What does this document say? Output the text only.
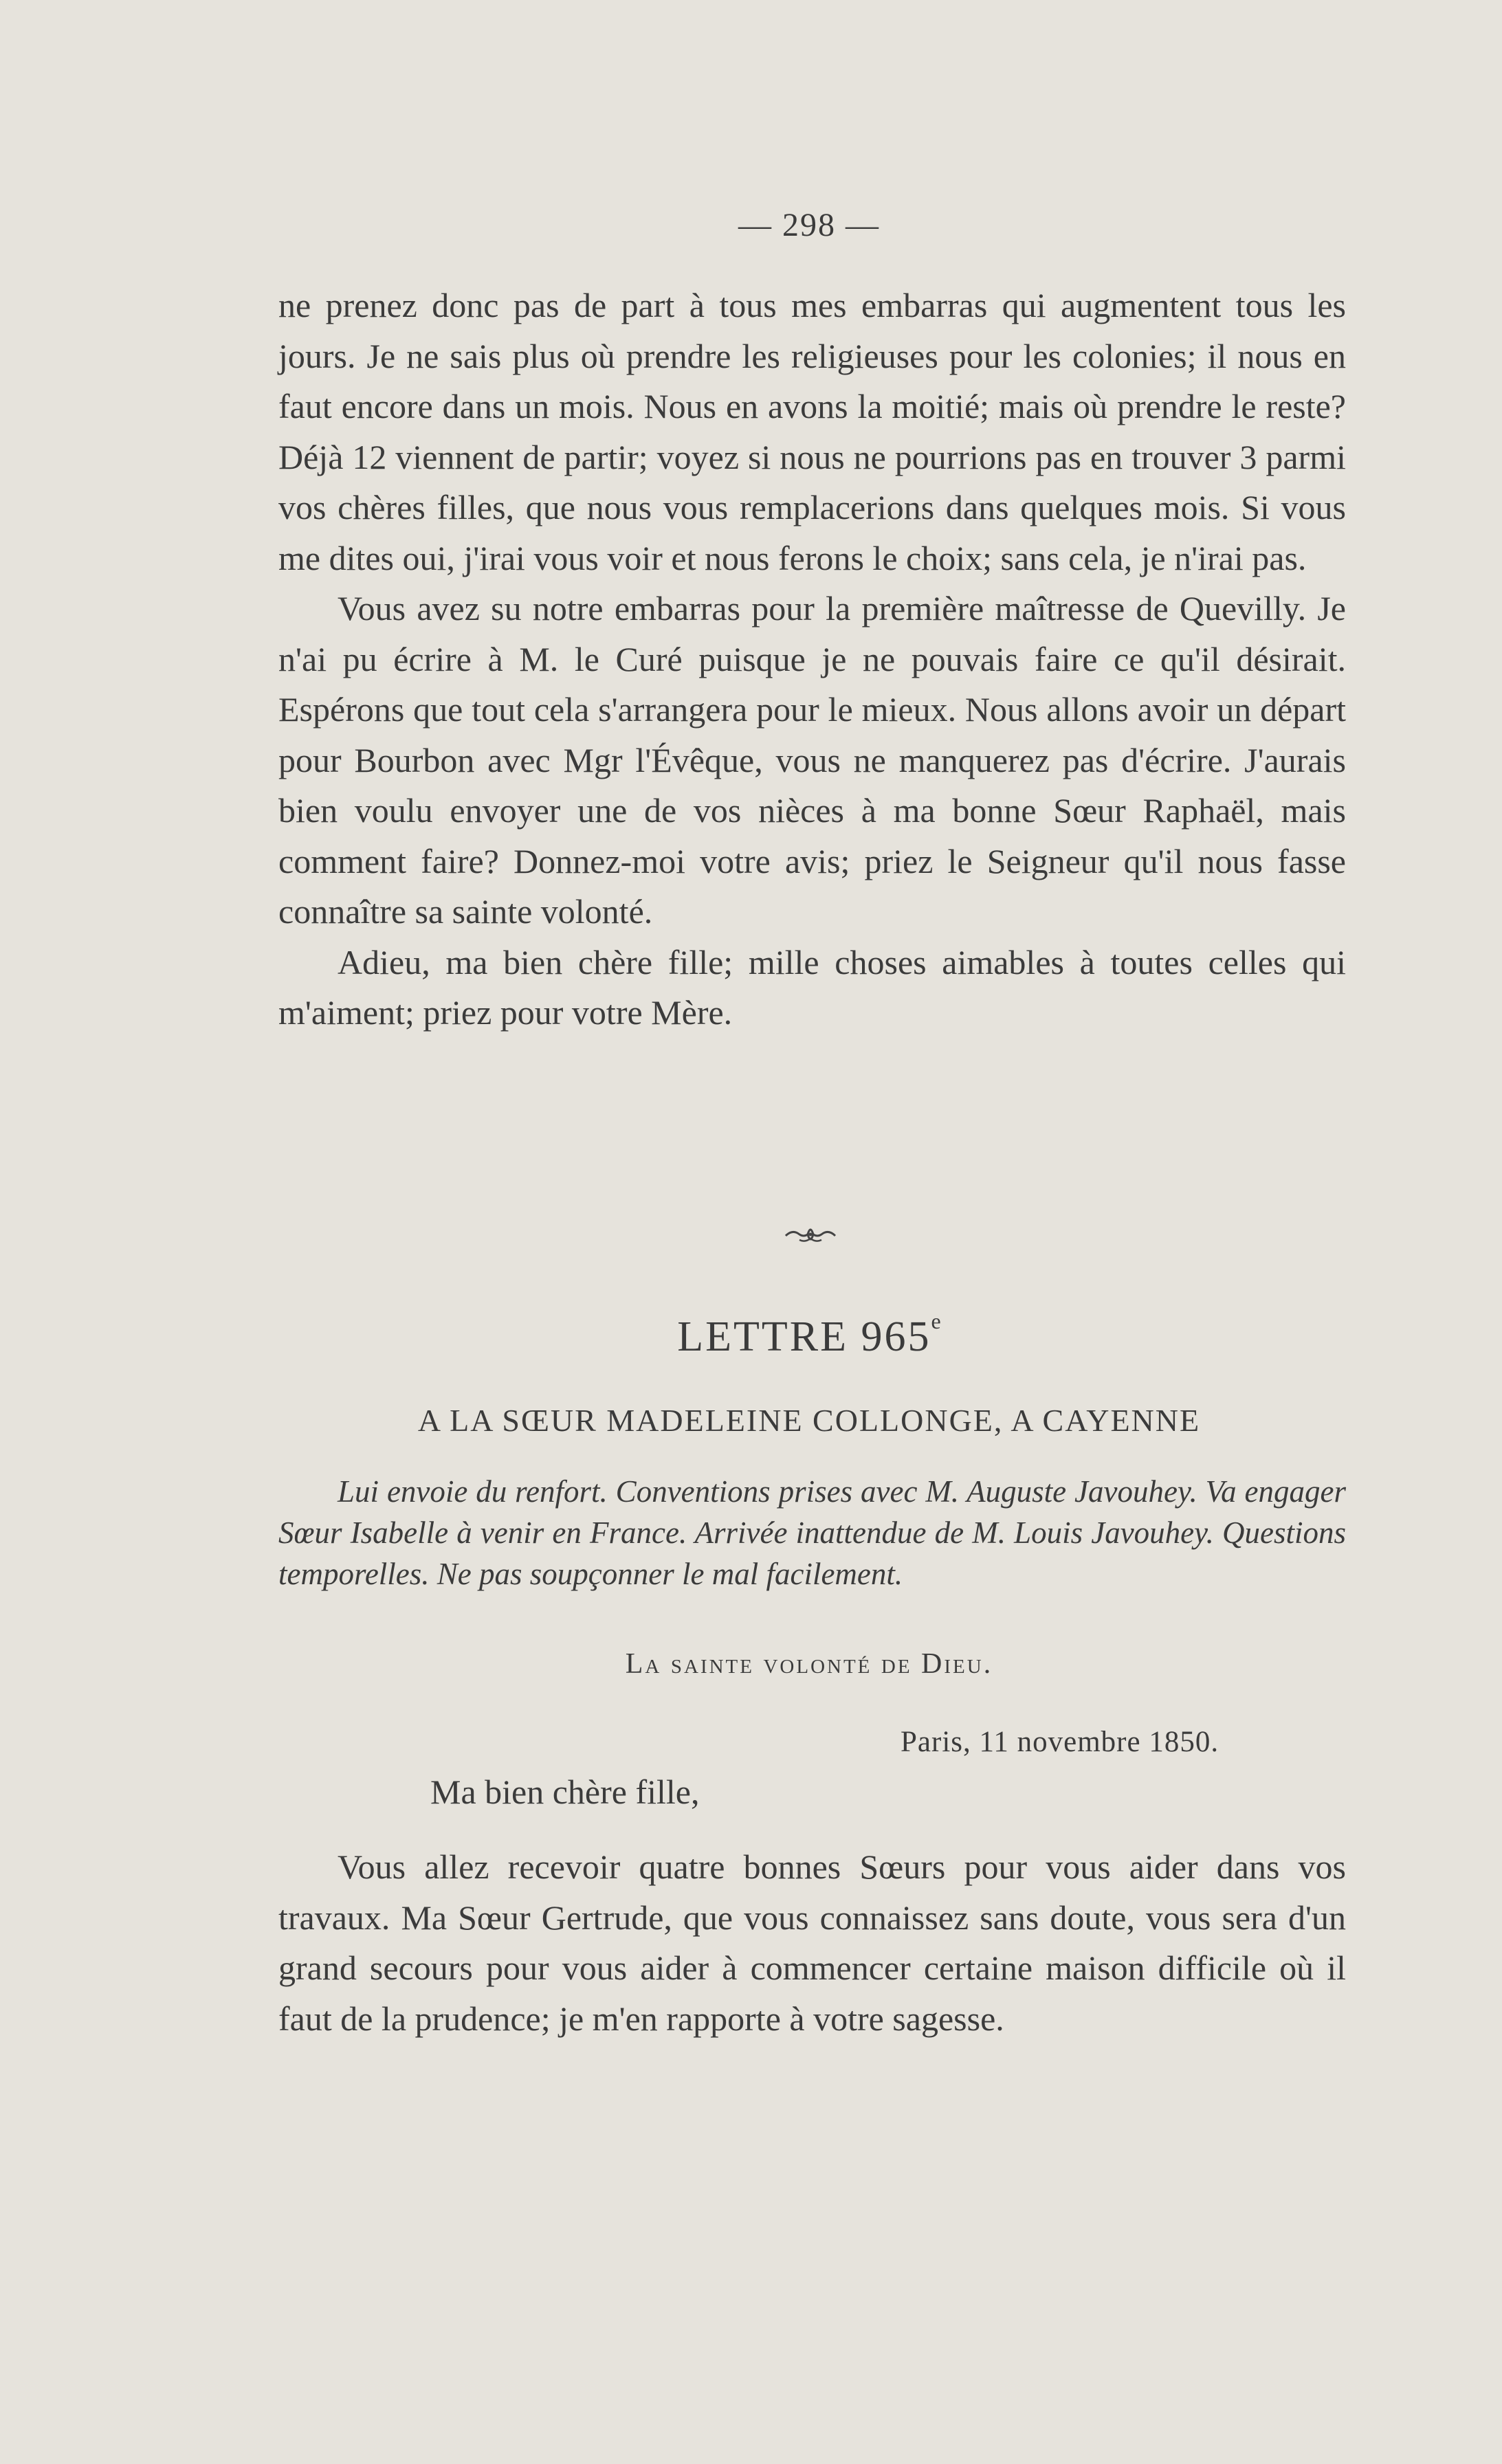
— 298 —

ne prenez donc pas de part à tous mes embarras qui augmentent tous les jours. Je ne sais plus où prendre les religieuses pour les colonies; il nous en faut encore dans un mois. Nous en avons la moitié; mais où prendre le reste? Déjà 12 viennent de partir; voyez si nous ne pourrions pas en trouver 3 parmi vos chères filles, que nous vous remplacerions dans quelques mois. Si vous me dites oui, j'irai vous voir et nous ferons le choix; sans cela, je n'irai pas.

Vous avez su notre embarras pour la première maîtresse de Quevilly. Je n'ai pu écrire à M. le Curé puisque je ne pouvais faire ce qu'il désirait. Espérons que tout cela s'arrangera pour le mieux. Nous allons avoir un départ pour Bourbon avec Mgr l'Évêque, vous ne manquerez pas d'écrire. J'aurais bien voulu envoyer une de vos nièces à ma bonne Sœur Raphaël, mais comment faire? Donnez-moi votre avis; priez le Seigneur qu'il nous fasse connaître sa sainte volonté.

Adieu, ma bien chère fille; mille choses aimables à toutes celles qui m'aiment; priez pour votre Mère.

LETTRE 965e
A LA SŒUR MADELEINE COLLONGE, A CAYENNE
Lui envoie du renfort. Conventions prises avec M. Auguste Javouhey. Va engager Sœur Isabelle à venir en France. Arrivée inattendue de M. Louis Javouhey. Questions temporelles. Ne pas soupçonner le mal facilement.
La sainte volonté de Dieu.
Paris, 11 novembre 1850.
Ma bien chère fille,

Vous allez recevoir quatre bonnes Sœurs pour vous aider dans vos travaux. Ma Sœur Gertrude, que vous connaissez sans doute, vous sera d'un grand secours pour vous aider à commencer certaine maison difficile où il faut de la prudence; je m'en rapporte à votre sagesse.
